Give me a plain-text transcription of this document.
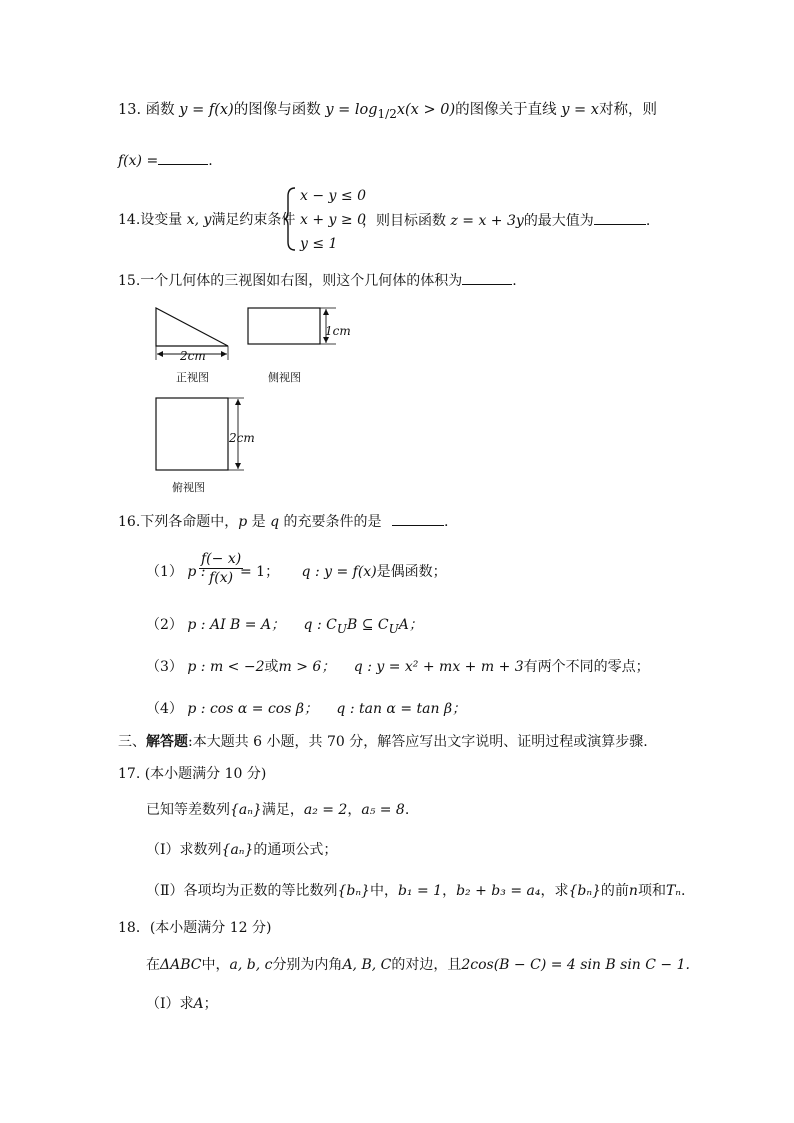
13. 函数 y = f(x)的图像与函数 $y = \log_{1/2}x(x > 0)$的图像关于直线 y = x对称，则
f(x) =	.
14.设变量 x, y满足约束条件
x − y ≤ 0
x + y ≥ 0
y ≤ 1
，则目标函数 z = x + 3y的最大值为	.
15.一个几何体的三视图如右图，则这个几何体的体积为	.
2cm
正视图
1cm
侧视图
2cm
俯视图
16.下列各命题中，p 是 q 的充要条件的是	.
（1） p :
$\frac{f(- x)}{f(x)}$
= 1； q : y = f(x)是偶函数；
（2） p : AI B = A； q : $C_UB$ ⊆ $C_UA$；
（3） p : m < −2或m > 6； q : y = x² + mx + m + 3有两个不同的零点；
（4） p : cos α = cos β； q : tan α = tan β；
三、解答题:本大题共 6 小题，共 70 分，解答应写出文字说明、证明过程或演算步骤.
17. (本小题满分 10 分)
已知等差数列{aₙ}满足，a₂ = 2，a₅ = 8.
（Ⅰ）求数列{aₙ}的通项公式；
（Ⅱ）各项均为正数的等比数列{bₙ}中，b₁ = 1，b₂ + b₃ = a₄，求{bₙ}的前n项和Tₙ.
18．(本小题满分 12 分)
在ΔABC中，a, b, c分别为内角A, B, C的对边，且2cos(B − C) = 4 sin B sin C − 1.
（Ⅰ）求A；
